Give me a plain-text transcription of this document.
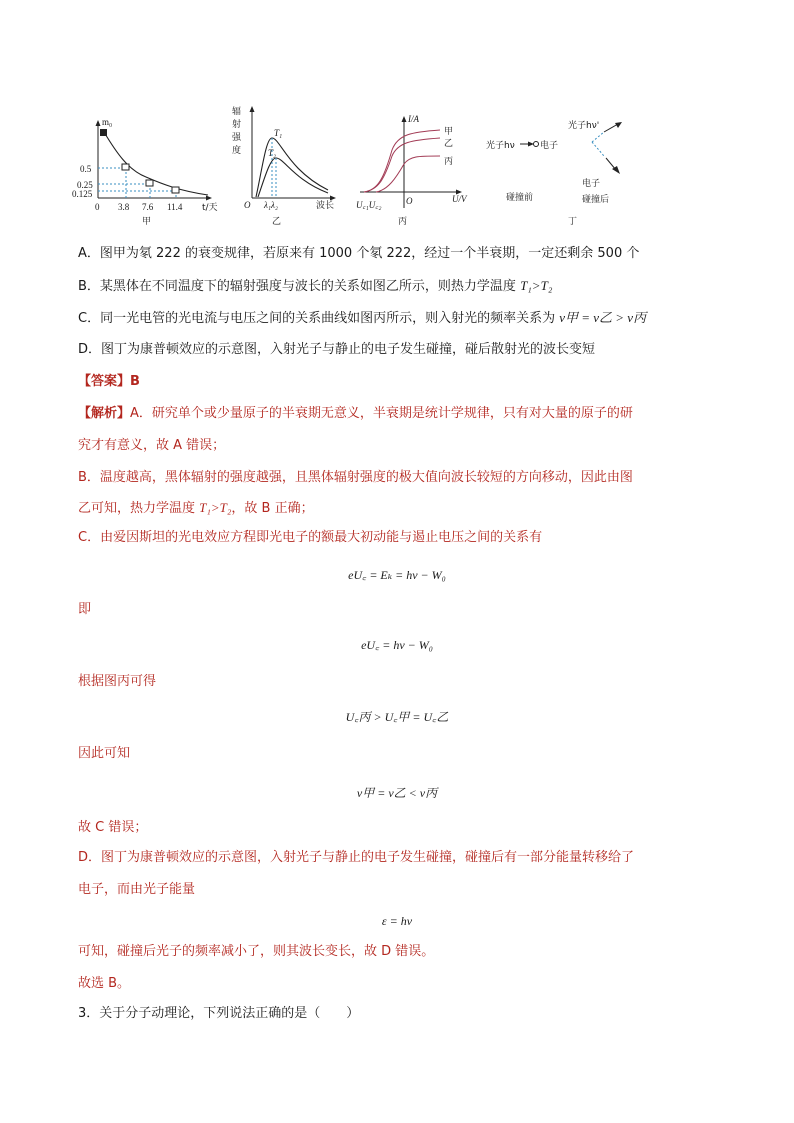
m₀
0.5
0.25
0.125
0 3.8 7.6 11.4 t/天
甲
辐
射
强
度
T₁
T₂
O λ₁λ₂	波长
乙
I/A
甲
乙
丙
U/V
U꜀₁U꜀₂	O
丙
光子hν	电子
碰撞前
光子hν'
电子
碰撞后
丁
A．图甲为氡 222 的衰变规律，若原来有 1000 个氡 222，经过一个半衰期，一定还剩余 500 个
B．某黑体在不同温度下的辐射强度与波长的关系如图乙所示，则热力学温度 T₁>T₂
C．同一光电管的光电流与电压之间的关系曲线如图丙所示，则入射光的频率关系为 ν甲 = ν乙 > ν丙
D．图丁为康普顿效应的示意图，入射光子与静止的电子发生碰撞，碰后散射光的波长变短
【答案】B
【解析】A．研究单个或少量原子的半衰期无意义，半衰期是统计学规律，只有对大量的原子的研
究才有意义，故 A 错误；
B．温度越高，黑体辐射的强度越强，且黑体辐射强度的极大值向波长较短的方向移动，因此由图
乙可知，热力学温度 T₁>T₂，故 B 正确；
C．由爱因斯坦的光电效应方程即光电子的额最大初动能与遏止电压之间的关系有
eU꜀ = Eₖ = hν − W₀
即
eU꜀ = hν − W₀
根据图丙可得
U꜀丙 > U꜀甲 = U꜀乙
因此可知
ν甲 = ν乙 < ν丙
故 C 错误；
D．图丁为康普顿效应的示意图，入射光子与静止的电子发生碰撞，碰撞后有一部分能量转移给了
电子，而由光子能量
ε = hν
可知，碰撞后光子的频率减小了，则其波长变长，故 D 错误。
故选 B。
3．关于分子动理论，下列说法正确的是（　　）
